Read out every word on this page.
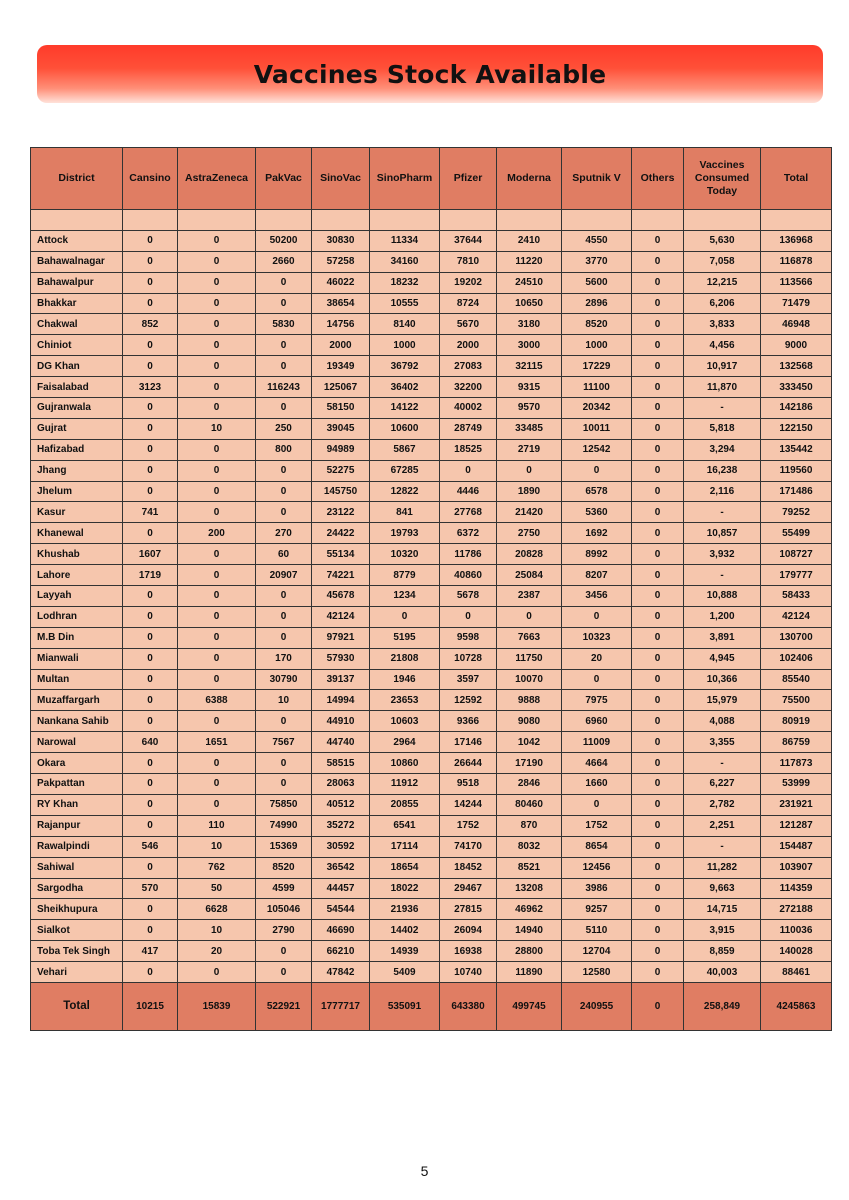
Vaccines Stock Available
District	Cansino	AstraZeneca	PakVac	SinoVac	SinoPharm	Pfizer	Moderna	Sputnik V	Others	Vaccines Consumed Today	Total

Attock	0	0	50200	30830	11334	37644	2410	4550	0	5,630	136968
Bahawalnagar	0	0	2660	57258	34160	7810	11220	3770	0	7,058	116878
Bahawalpur	0	0	0	46022	18232	19202	24510	5600	0	12,215	113566
Bhakkar	0	0	0	38654	10555	8724	10650	2896	0	6,206	71479
Chakwal	852	0	5830	14756	8140	5670	3180	8520	0	3,833	46948
Chiniot	0	0	0	2000	1000	2000	3000	1000	0	4,456	9000
DG Khan	0	0	0	19349	36792	27083	32115	17229	0	10,917	132568
Faisalabad	3123	0	116243	125067	36402	32200	9315	11100	0	11,870	333450
Gujranwala	0	0	0	58150	14122	40002	9570	20342	0	-	142186
Gujrat	0	10	250	39045	10600	28749	33485	10011	0	5,818	122150
Hafizabad	0	0	800	94989	5867	18525	2719	12542	0	3,294	135442
Jhang	0	0	0	52275	67285	0	0	0	0	16,238	119560
Jhelum	0	0	0	145750	12822	4446	1890	6578	0	2,116	171486
Kasur	741	0	0	23122	841	27768	21420	5360	0	-	79252
Khanewal	0	200	270	24422	19793	6372	2750	1692	0	10,857	55499
Khushab	1607	0	60	55134	10320	11786	20828	8992	0	3,932	108727
Lahore	1719	0	20907	74221	8779	40860	25084	8207	0	-	179777
Layyah	0	0	0	45678	1234	5678	2387	3456	0	10,888	58433
Lodhran	0	0	0	42124	0	0	0	0	0	1,200	42124
M.B Din	0	0	0	97921	5195	9598	7663	10323	0	3,891	130700
Mianwali	0	0	170	57930	21808	10728	11750	20	0	4,945	102406
Multan	0	0	30790	39137	1946	3597	10070	0	0	10,366	85540
Muzaffargarh	0	6388	10	14994	23653	12592	9888	7975	0	15,979	75500
Nankana Sahib	0	0	0	44910	10603	9366	9080	6960	0	4,088	80919
Narowal	640	1651	7567	44740	2964	17146	1042	11009	0	3,355	86759
Okara	0	0	0	58515	10860	26644	17190	4664	0	-	117873
Pakpattan	0	0	0	28063	11912	9518	2846	1660	0	6,227	53999
RY Khan	0	0	75850	40512	20855	14244	80460	0	0	2,782	231921
Rajanpur	0	110	74990	35272	6541	1752	870	1752	0	2,251	121287
Rawalpindi	546	10	15369	30592	17114	74170	8032	8654	0	-	154487
Sahiwal	0	762	8520	36542	18654	18452	8521	12456	0	11,282	103907
Sargodha	570	50	4599	44457	18022	29467	13208	3986	0	9,663	114359
Sheikhupura	0	6628	105046	54544	21936	27815	46962	9257	0	14,715	272188
Sialkot	0	10	2790	46690	14402	26094	14940	5110	0	3,915	110036
Toba Tek Singh	417	20	0	66210	14939	16938	28800	12704	0	8,859	140028
Vehari	0	0	0	47842	5409	10740	11890	12580	0	40,003	88461
Total	10215	15839	522921	1777717	535091	643380	499745	240955	0	258,849	4245863
5
